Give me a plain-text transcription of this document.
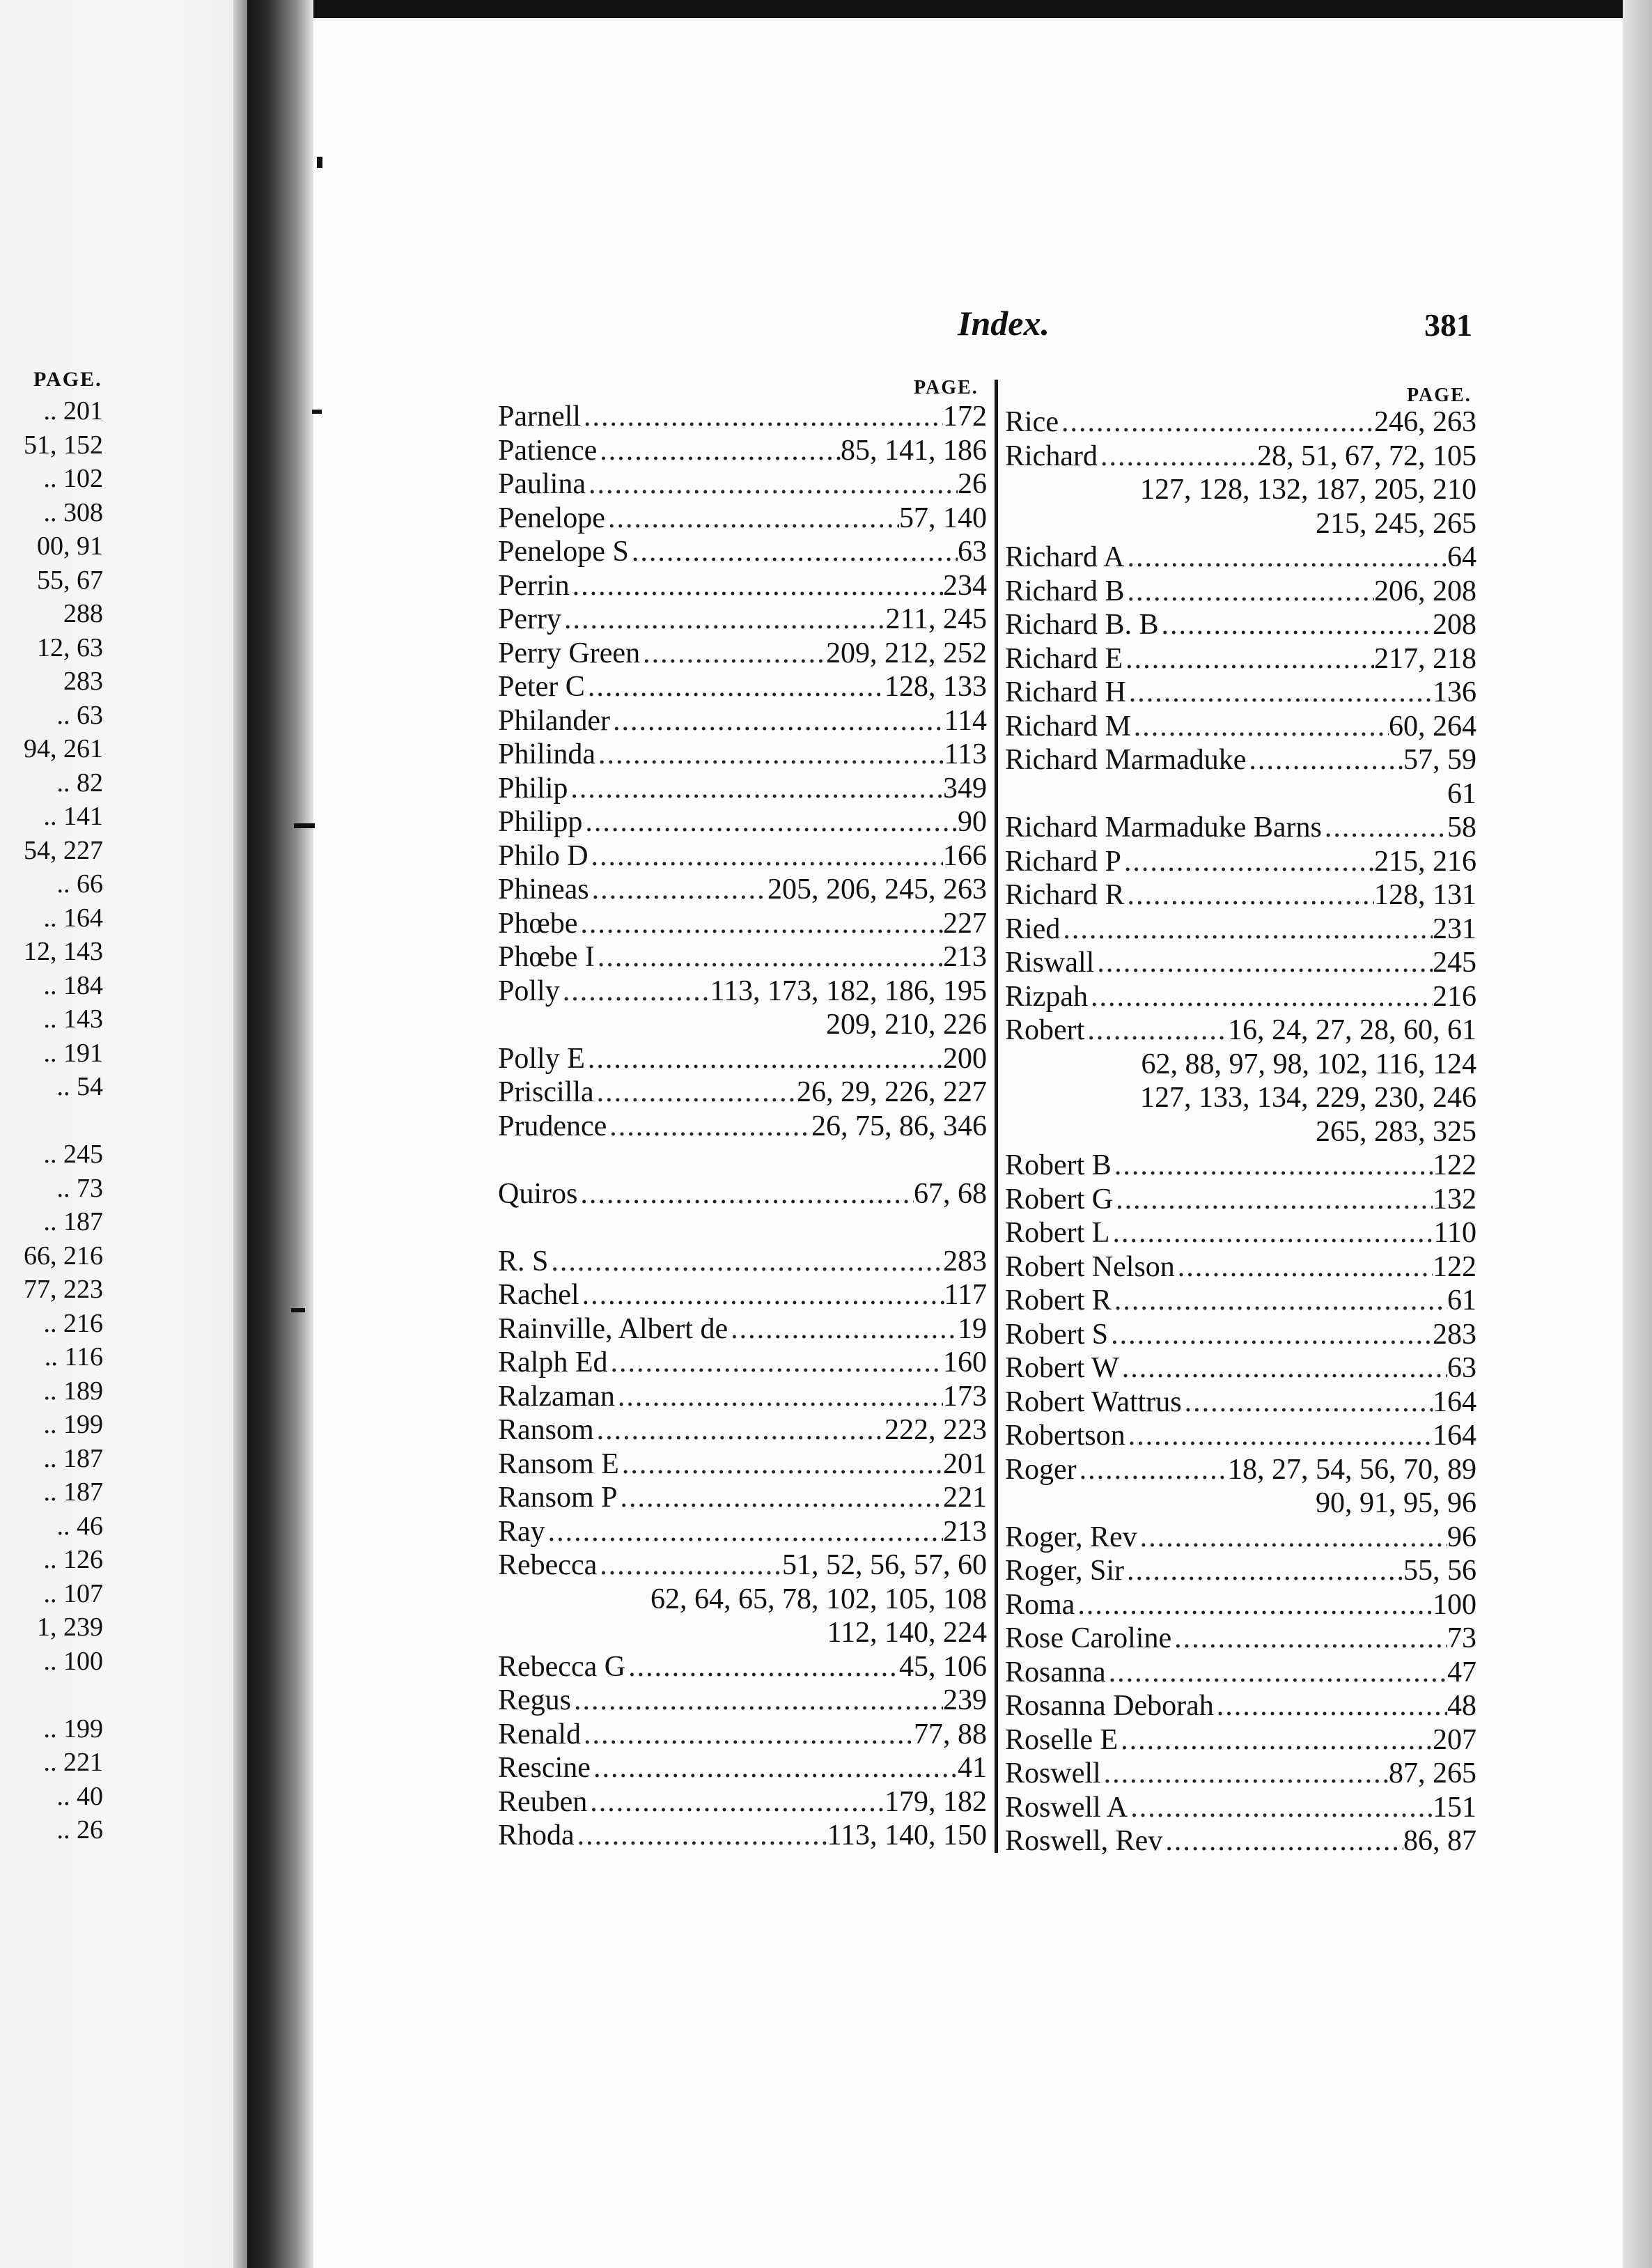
PAGE.
.. 201
51, 152
.. 102
.. 308
00, 91
55, 67
288
12, 63
283
.. 63
94, 261
.. 82
.. 141
54, 227
.. 66
.. 164
12, 143
.. 184
.. 143
.. 191
.. 54
.. 245
.. 73
.. 187
66, 216
77, 223
.. 216
.. 116
.. 189
.. 199
.. 187
.. 187
.. 46
.. 126
.. 107
1, 239
.. 100
.. 199
.. 221
.. 40
.. 26
Index.	381
PAGE.	PAGE.
Parnell .....	172
Patience .....	85, 141, 186
Paulina .....	26
Penelope .....	57, 140
Penelope S .....	63
Perrin .....	234
Perry .....	211, 245
Perry Green .....	209, 212, 252
Peter C .....	128, 133
Philander .....	114
Philinda .....	113
Philip .....	349
Philipp .....	90
Philo D .....	166
Phineas .....	205, 206, 245, 263
Phœbe .....	227
Phœbe I .....	213
Polly .....	113, 173, 182, 186, 195
209, 210, 226
Polly E .....	200
Priscilla .....	26, 29, 226, 227
Prudence .....	26, 75, 86, 346
Quiros .....	67, 68
R. S .....	283
Rachel .....	117
Rainville, Albert de .....	19
Ralph Ed .....	160
Ralzaman .....	173
Ransom .....	222, 223
Ransom E .....	201
Ransom P .....	221
Ray .....	213
Rebecca .....	51, 52, 56, 57, 60
62, 64, 65, 78, 102, 105, 108
112, 140, 224
Rebecca G .....	45, 106
Regus .....	239
Renald .....	77, 88
Rescine .....	41
Reuben .....	179, 182
Rhoda .....	113, 140, 150
Rice .....	246, 263
Richard .....	28, 51, 67, 72, 105
127, 128, 132, 187, 205, 210
215, 245, 265
Richard A .....	64
Richard B .....	206, 208
Richard B. B .....	208
Richard E .....	217, 218
Richard H .....	136
Richard M .....	60, 264
Richard Marmaduke .....	57, 59
61
Richard Marmaduke Barns .....	58
Richard P .....	215, 216
Richard R .....	128, 131
Ried .....	231
Riswall .....	245
Rizpah .....	216
Robert .....	16, 24, 27, 28, 60, 61
62, 88, 97, 98, 102, 116, 124
127, 133, 134, 229, 230, 246
265, 283, 325
Robert B .....	122
Robert G .....	132
Robert L .....	110
Robert Nelson .....	122
Robert R .....	61
Robert S .....	283
Robert W .....	63
Robert Wattrus .....	164
Robertson .....	164
Roger .....	18, 27, 54, 56, 70, 89
90, 91, 95, 96
Roger, Rev .....	96
Roger, Sir .....	55, 56
Roma .....	100
Rose Caroline .....	73
Rosanna .....	47
Rosanna Deborah .....	48
Roselle E .....	207
Roswell .....	87, 265
Roswell A .....	151
Roswell, Rev .....	86, 87
